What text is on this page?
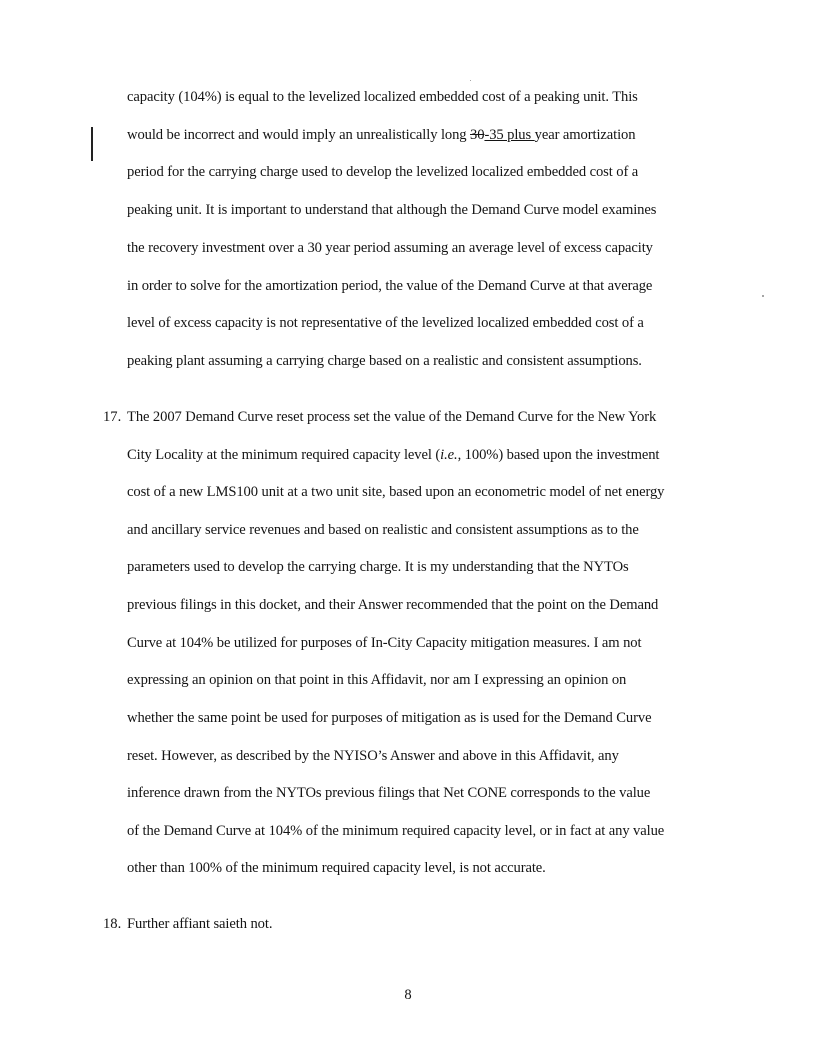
capacity (104%) is equal to the levelized localized embedded cost of a peaking unit. This
would be incorrect and would imply an unrealistically long 30-35 plus year amortization
period for the carrying charge used to develop the levelized localized embedded cost of a
peaking unit. It is important to understand that although the Demand Curve model examines
the recovery investment over a 30 year period assuming an average level of excess capacity
in order to solve for the amortization period, the value of the Demand Curve at that average
level of excess capacity is not representative of the levelized localized embedded cost of a
peaking plant assuming a carrying charge based on a realistic and consistent assumptions.
17. The 2007 Demand Curve reset process set the value of the Demand Curve for the New York
City Locality at the minimum required capacity level (i.e., 100%) based upon the investment
cost of a new LMS100 unit at a two unit site, based upon an econometric model of net energy
and ancillary service revenues and based on realistic and consistent assumptions as to the
parameters used to develop the carrying charge. It is my understanding that the NYTOs
previous filings in this docket, and their Answer recommended that the point on the Demand
Curve at 104% be utilized for purposes of In-City Capacity mitigation measures. I am not
expressing an opinion on that point in this Affidavit, nor am I expressing an opinion on
whether the same point be used for purposes of mitigation as is used for the Demand Curve
reset. However, as described by the NYISO’s Answer and above in this Affidavit, any
inference drawn from the NYTOs previous filings that Net CONE corresponds to the value
of the Demand Curve at 104% of the minimum required capacity level, or in fact at any value
other than 100% of the minimum required capacity level, is not accurate.
18. Further affiant saieth not.
8
